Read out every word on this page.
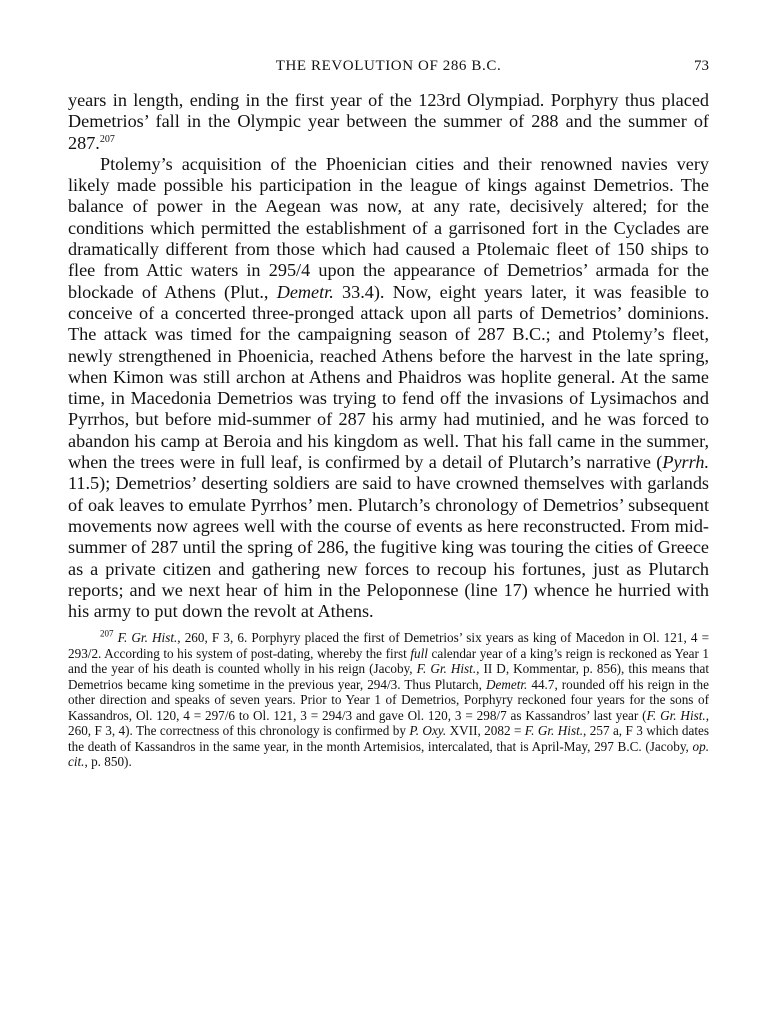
THE REVOLUTION OF 286 B.C.	73

years in length, ending in the first year of the 123rd Olympiad. Porphyry thus placed Demetrios’ fall in the Olympic year between the summer of 288 and the summer of 287.$^{207}$

Ptolemy’s acquisition of the Phoenician cities and their renowned navies very likely made possible his participation in the league of kings against Demetrios. The balance of power in the Aegean was now, at any rate, decisively altered; for the conditions which permitted the establishment of a garrisoned fort in the Cyclades are dramatically different from those which had caused a Ptolemaic fleet of 150 ships to flee from Attic waters in 295/4 upon the appearance of Demetrios’ armada for the blockade of Athens (Plut., Demetr. 33.4). Now, eight years later, it was feasible to conceive of a concerted three-pronged attack upon all parts of Demetrios’ dominions. The attack was timed for the campaigning season of 287 B.C.; and Ptolemy’s fleet, newly strengthened in Phoenicia, reached Athens before the harvest in the late spring, when Kimon was still archon at Athens and Phaidros was hoplite general. At the same time, in Macedonia Demetrios was trying to fend off the invasions of Lysimachos and Pyrrhos, but before mid-summer of 287 his army had mutinied, and he was forced to abandon his camp at Beroia and his kingdom as well. That his fall came in the summer, when the trees were in full leaf, is confirmed by a detail of Plutarch’s narrative (Pyrrh. 11.5); Demetrios’ deserting soldiers are said to have crowned themselves with garlands of oak leaves to emulate Pyrrhos’ men. Plutarch’s chronology of Demetrios’ subsequent movements now agrees well with the course of events as here reconstructed. From mid-summer of 287 until the spring of 286, the fugitive king was touring the cities of Greece as a private citizen and gathering new forces to recoup his fortunes, just as Plutarch reports; and we next hear of him in the Peloponnese (line 17) whence he hurried with his army to put down the revolt at Athens.

$^{207}$ F. Gr. Hist., 260, F 3, 6. Porphyry placed the first of Demetrios’ six years as king of Macedon in Ol. 121, 4 = 293/2. According to his system of post-dating, whereby the first full calendar year of a king’s reign is reckoned as Year 1 and the year of his death is counted wholly in his reign (Jacoby, F. Gr. Hist., II D, Kommentar, p. 856), this means that Demetrios became king sometime in the previous year, 294/3. Thus Plutarch, Demetr. 44.7, rounded off his reign in the other direction and speaks of seven years. Prior to Year 1 of Demetrios, Porphyry reckoned four years for the sons of Kassandros, Ol. 120, 4 = 297/6 to Ol. 121, 3 = 294/3 and gave Ol. 120, 3 = 298/7 as Kassandros’ last year (F. Gr. Hist., 260, F 3, 4). The correctness of this chronology is confirmed by P. Oxy. XVII, 2082 = F. Gr. Hist., 257 a, F 3 which dates the death of Kassandros in the same year, in the month Artemisios, intercalated, that is April-May, 297 B.C. (Jacoby, op. cit., p. 850).
